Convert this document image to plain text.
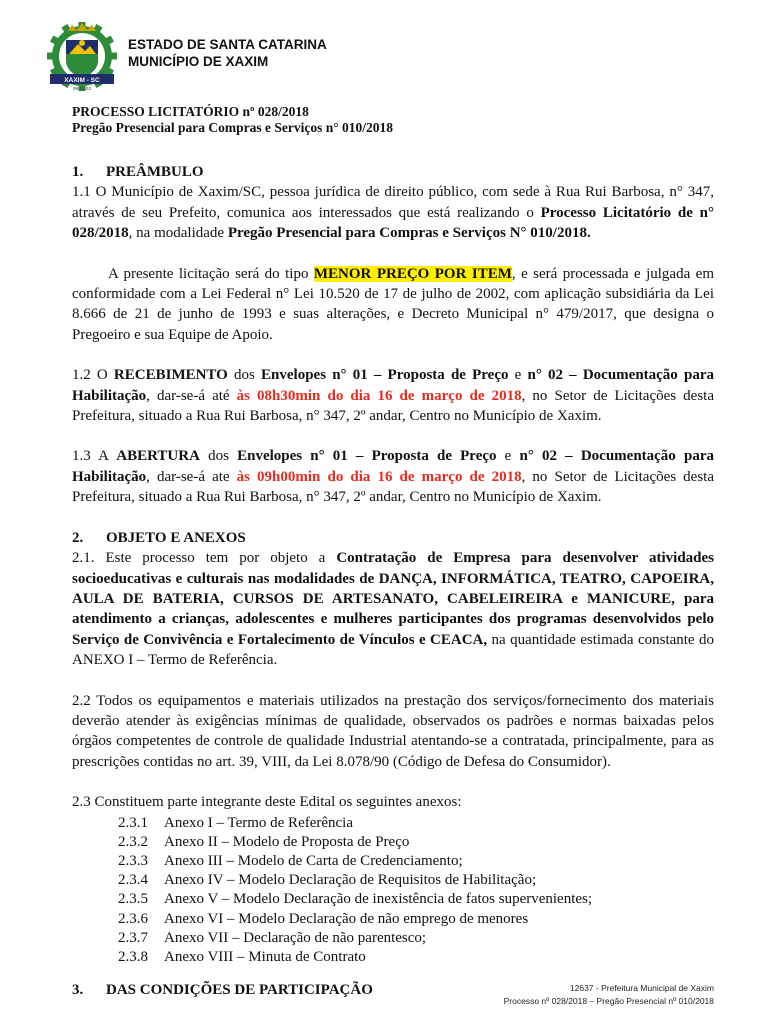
XAXIM - SC
08-12-53
ESTADO DE SANTA CATARINA
MUNICÍPIO DE XAXIM
PROCESSO LICITATÓRIO nº 028/2018
Pregão Presencial para Compras e Serviços n° 010/2018
1. PREÂMBULO

1.1 O Município de Xaxim/SC, pessoa jurídica de direito público, com sede à Rua Rui Barbosa, n° 347, através de seu Prefeito, comunica aos interessados que está realizando o Processo Licitatório de n° 028/2018, na modalidade Pregão Presencial para Compras e Serviços N° 010/2018.

A presente licitação será do tipo MENOR PREÇO POR ITEM, e será processada e julgada em conformidade com a Lei Federal n° Lei 10.520 de 17 de julho de 2002, com aplicação subsidiária da Lei 8.666 de 21 de junho de 1993 e suas alterações, e Decreto Municipal n° 479/2017, que designa o Pregoeiro e sua Equipe de Apoio.

1.2 O RECEBIMENTO dos Envelopes n° 01 – Proposta de Preço e n° 02 – Documentação para Habilitação, dar-se-á até às 08h30min do dia 16 de março de 2018, no Setor de Licitações desta Prefeitura, situado a Rua Rui Barbosa, n° 347, 2º andar, Centro no Município de Xaxim.

1.3 A ABERTURA dos Envelopes n° 01 – Proposta de Preço e n° 02 – Documentação para Habilitação, dar-se-á ate às 09h00min do dia 16 de março de 2018, no Setor de Licitações desta Prefeitura, situado a Rua Rui Barbosa, n° 347, 2º andar, Centro no Município de Xaxim.

2. OBJETO E ANEXOS

2.1. Este processo tem por objeto a Contratação de Empresa para desenvolver atividades socioeducativas e culturais nas modalidades de DANÇA, INFORMÁTICA, TEATRO, CAPOEIRA, AULA DE BATERIA, CURSOS DE ARTESANATO, CABELEIREIRA e MANICURE, para atendimento a crianças, adolescentes e mulheres participantes dos programas desenvolvidos pelo Serviço de Convivência e Fortalecimento de Vínculos e CEACA, na quantidade estimada constante do ANEXO I – Termo de Referência.

2.2 Todos os equipamentos e materiais utilizados na prestação dos serviços/fornecimento dos materiais deverão atender às exigências mínimas de qualidade, observados os padrões e normas baixadas pelos órgãos competentes de controle de qualidade Industrial atentando-se a contratada, principalmente, para as prescrições contidas no art. 39, VIII, da Lei 8.078/90 (Código de Defesa do Consumidor).

2.3 Constituem parte integrante deste Edital os seguintes anexos:

2.3.1 Anexo I – Termo de Referência
2.3.2 Anexo II – Modelo de Proposta de Preço
2.3.3 Anexo III – Modelo de Carta de Credenciamento;
2.3.4 Anexo IV – Modelo Declaração de Requisitos de Habilitação;
2.3.5 Anexo V – Modelo Declaração de inexistência de fatos supervenientes;
2.3.6 Anexo VI – Modelo Declaração de não emprego de menores
2.3.7 Anexo VII – Declaração de não parentesco;
2.3.8 Anexo VIII – Minuta de Contrato
3. DAS CONDIÇÕES DE PARTICIPAÇÃO	12637 - Prefeitura Municipal de Xaxim
Processo nº 028/2018 – Pregão Presencial nº 010/2018
